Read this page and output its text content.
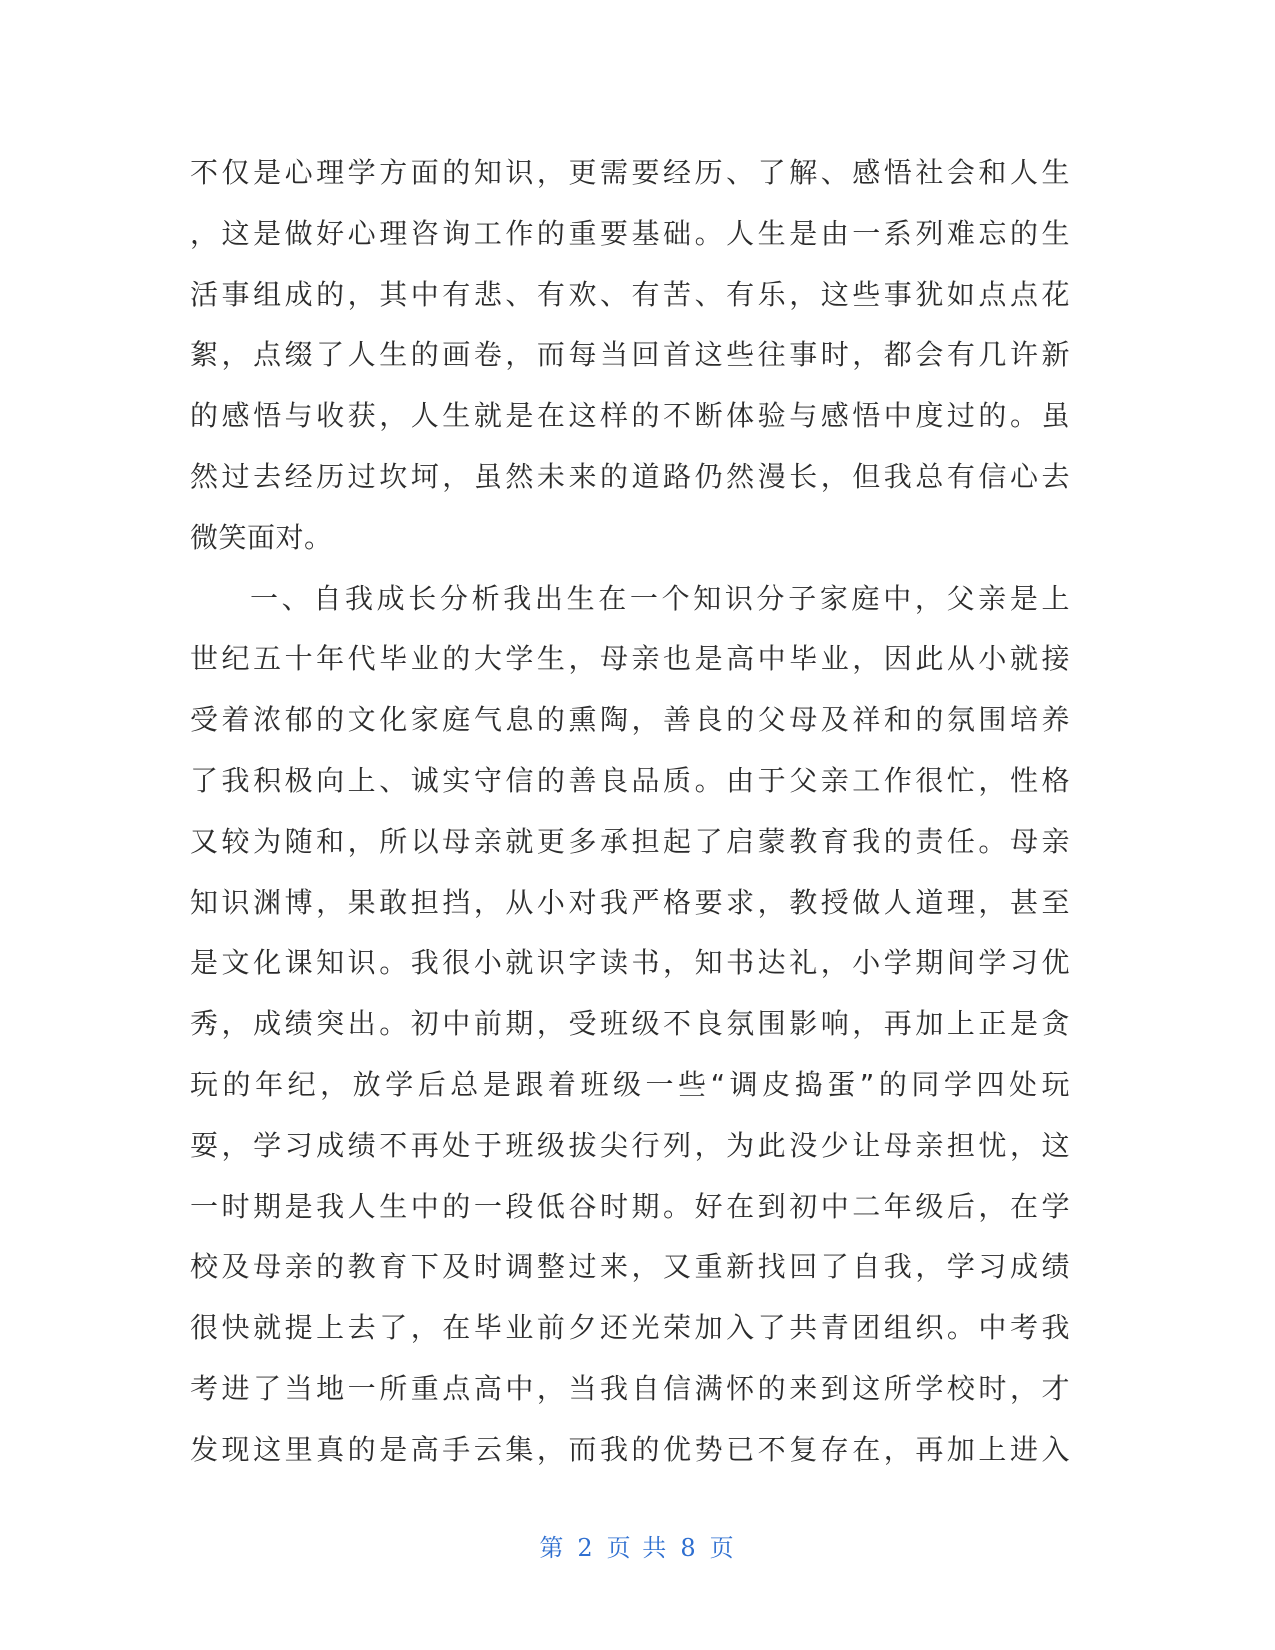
不仅是心理学方面的知识，更需要经历、了解、感悟社会和人生
，这是做好心理咨询工作的重要基础。人生是由一系列难忘的生
活事组成的，其中有悲、有欢、有苦、有乐，这些事犹如点点花
絮，点缀了人生的画卷，而每当回首这些往事时，都会有几许新
的感悟与收获，人生就是在这样的不断体验与感悟中度过的。虽
然过去经历过坎坷，虽然未来的道路仍然漫长，但我总有信心去
微笑面对。
一、自我成长分析我出生在一个知识分子家庭中，父亲是上
世纪五十年代毕业的大学生，母亲也是高中毕业，因此从小就接
受着浓郁的文化家庭气息的熏陶，善良的父母及祥和的氛围培养
了我积极向上、诚实守信的善良品质。由于父亲工作很忙，性格
又较为随和，所以母亲就更多承担起了启蒙教育我的责任。母亲
知识渊博，果敢担挡，从小对我严格要求，教授做人道理，甚至
是文化课知识。我很小就识字读书，知书达礼，小学期间学习优
秀，成绩突出。初中前期，受班级不良氛围影响，再加上正是贪
玩的年纪，放学后总是跟着班级一些“调皮捣蛋”的同学四处玩
耍，学习成绩不再处于班级拔尖行列，为此没少让母亲担忧，这
一时期是我人生中的一段低谷时期。好在到初中二年级后，在学
校及母亲的教育下及时调整过来，又重新找回了自我，学习成绩
很快就提上去了，在毕业前夕还光荣加入了共青团组织。中考我
考进了当地一所重点高中，当我自信满怀的来到这所学校时，才
发现这里真的是高手云集，而我的优势已不复存在，再加上进入
第 2 页 共 8 页
